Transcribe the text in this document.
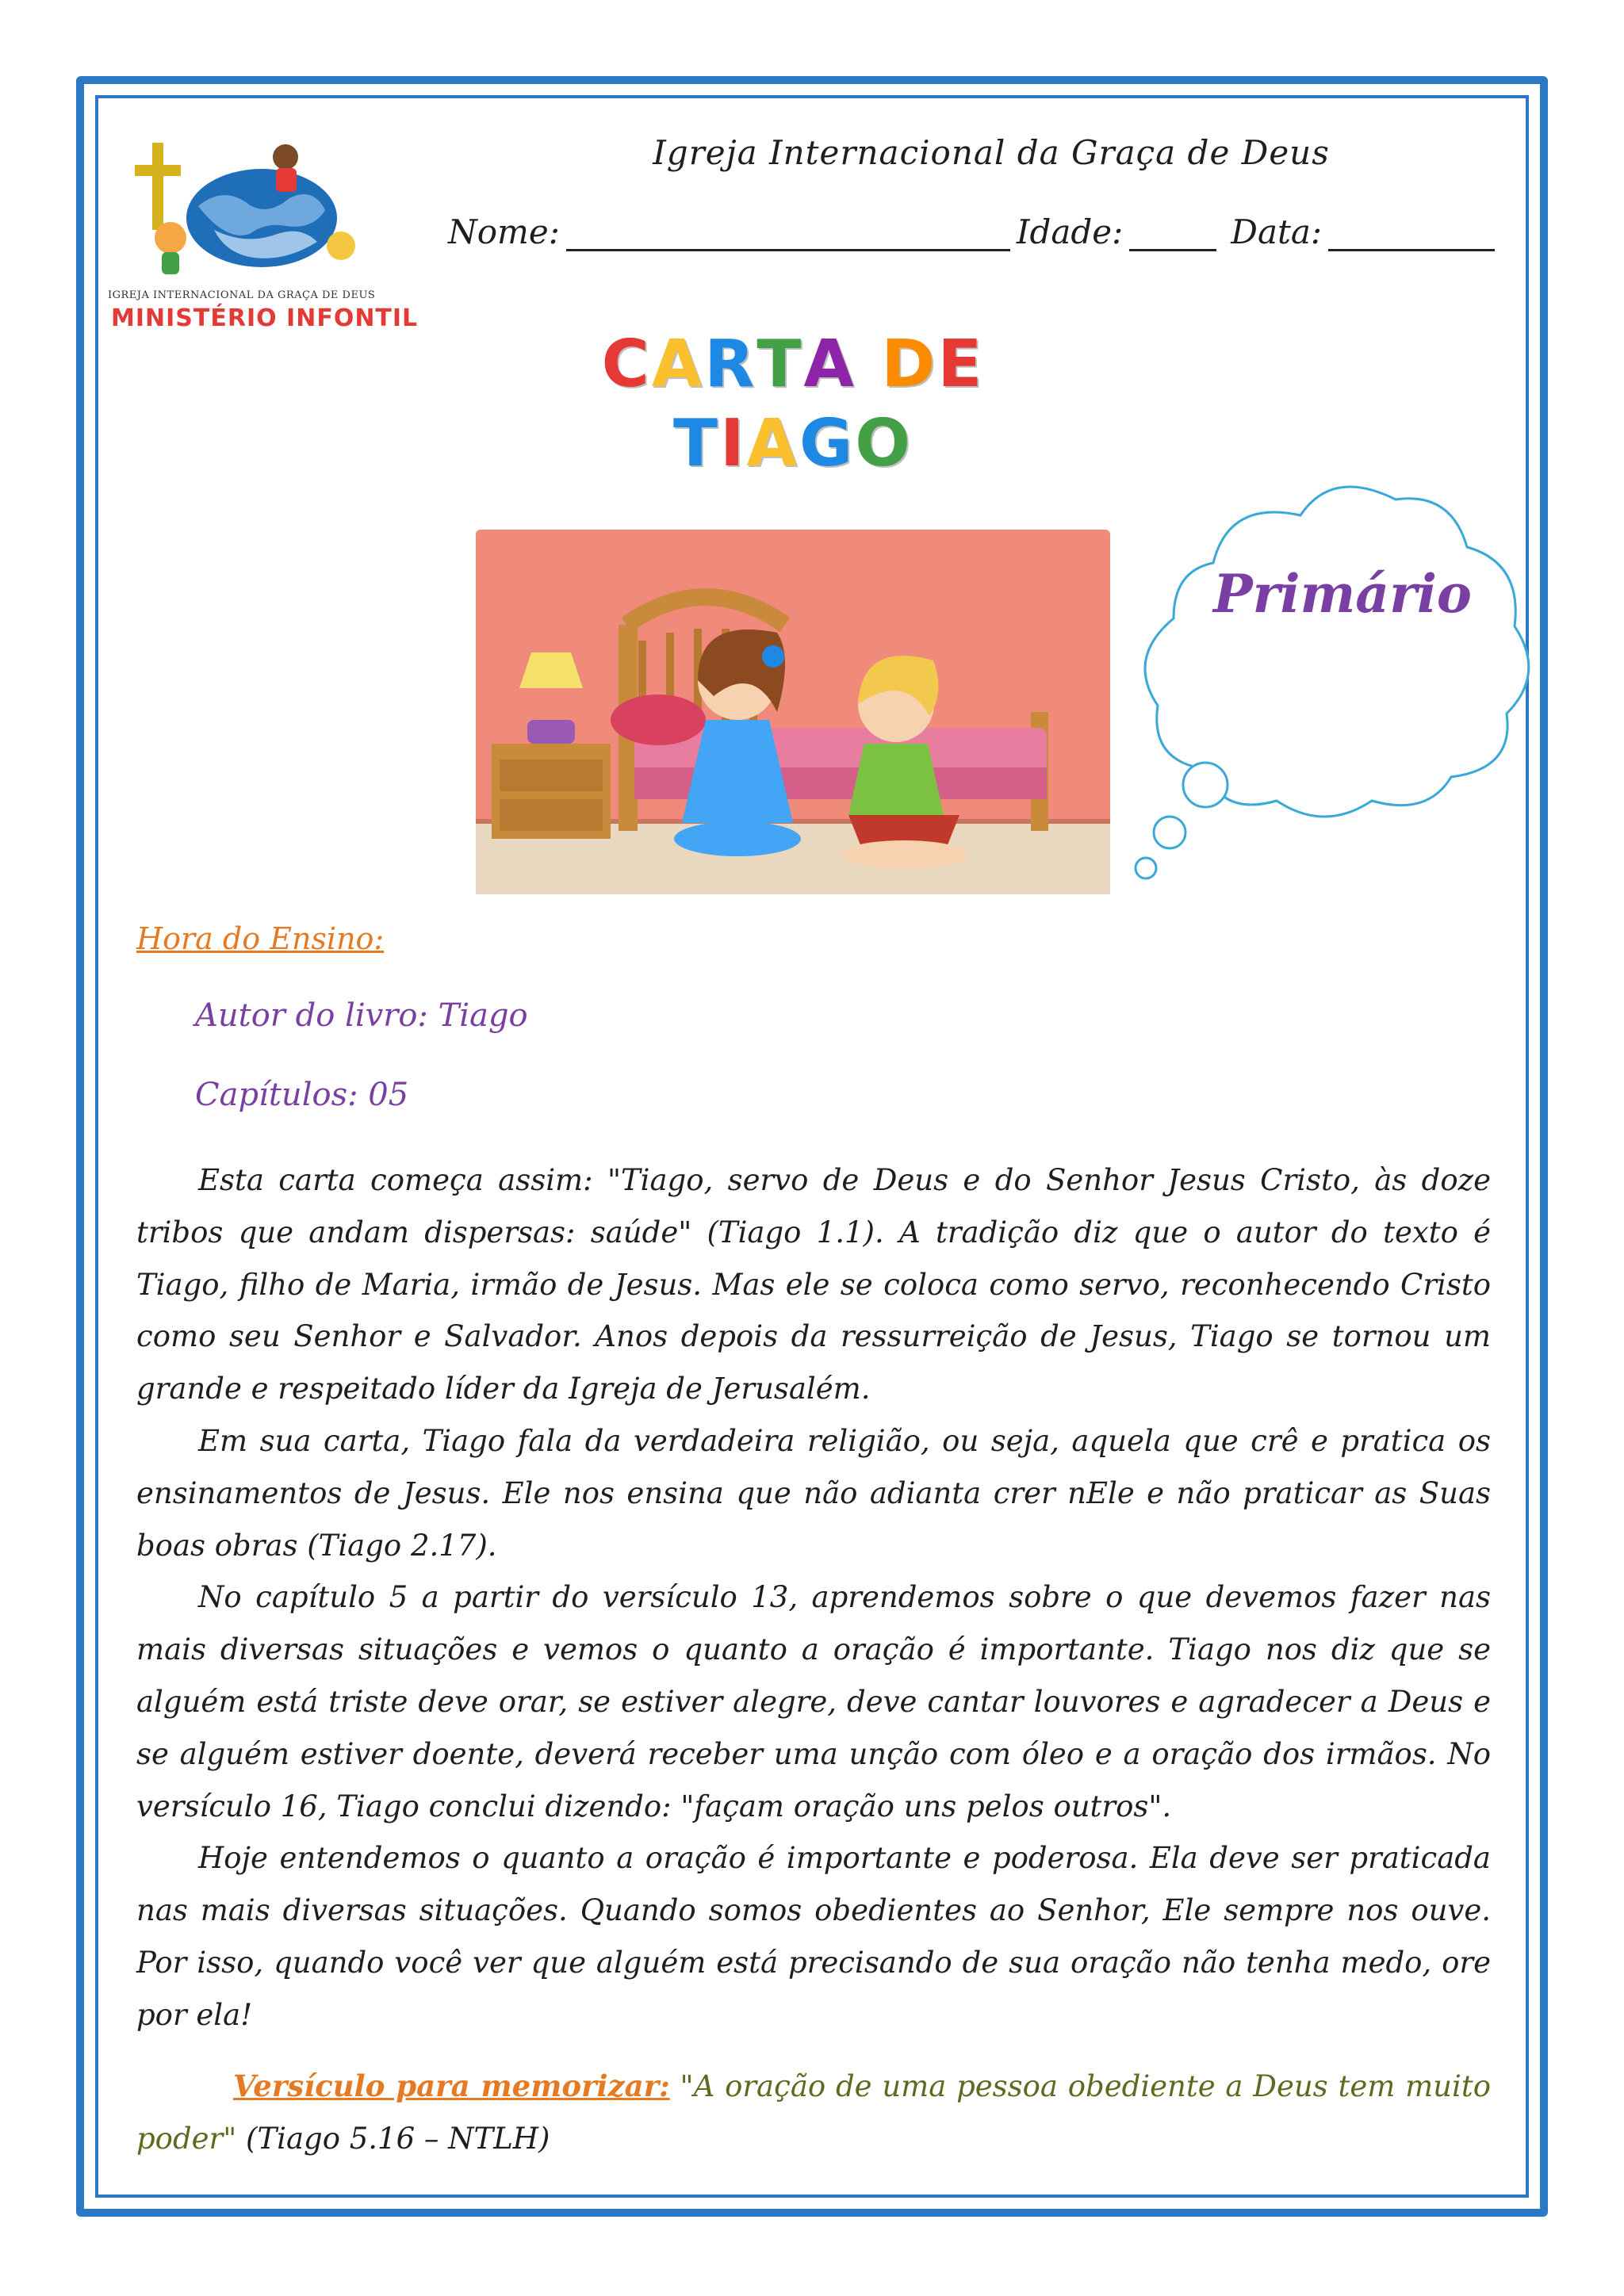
IGREJA INTERNACIONAL DA GRAÇA DE DEUS
MINISTÉRIO INFONTIL
Igreja Internacional da Graça de Deus
Nome:	Idade:	Data:
CARTA DE
TIAGO
Primário
Hora do Ensino:
Autor do livro: Tiago
Capítulos: 05

Esta carta começa assim: "Tiago, servo de Deus e do Senhor Jesus Cristo, às doze tribos que andam dispersas: saúde" (Tiago 1.1). A tradição diz que o autor do texto é Tiago, filho de Maria, irmão de Jesus. Mas ele se coloca como servo, reconhecendo Cristo como seu Senhor e Salvador. Anos depois da ressurreição de Jesus, Tiago se tornou um grande e respeitado líder da Igreja de Jerusalém.

Em sua carta, Tiago fala da verdadeira religião, ou seja, aquela que crê e pratica os ensinamentos de Jesus. Ele nos ensina que não adianta crer nEle e não praticar as Suas boas obras (Tiago 2.17).

No capítulo 5 a partir do versículo 13, aprendemos sobre o que devemos fazer nas mais diversas situações e vemos o quanto a oração é importante. Tiago nos diz que se alguém está triste deve orar, se estiver alegre, deve cantar louvores e agradecer a Deus e se alguém estiver doente, deverá receber uma unção com óleo e a oração dos irmãos. No versículo 16, Tiago conclui dizendo: "façam oração uns pelos outros".

Hoje entendemos o quanto a oração é importante e poderosa. Ela deve ser praticada nas mais diversas situações. Quando somos obedientes ao Senhor, Ele sempre nos ouve. Por isso, quando você ver que alguém está precisando de sua oração não tenha medo, ore por ela!

Versículo para memorizar: "A oração de uma pessoa obediente a Deus tem muito poder" (Tiago 5.16 – NTLH)
